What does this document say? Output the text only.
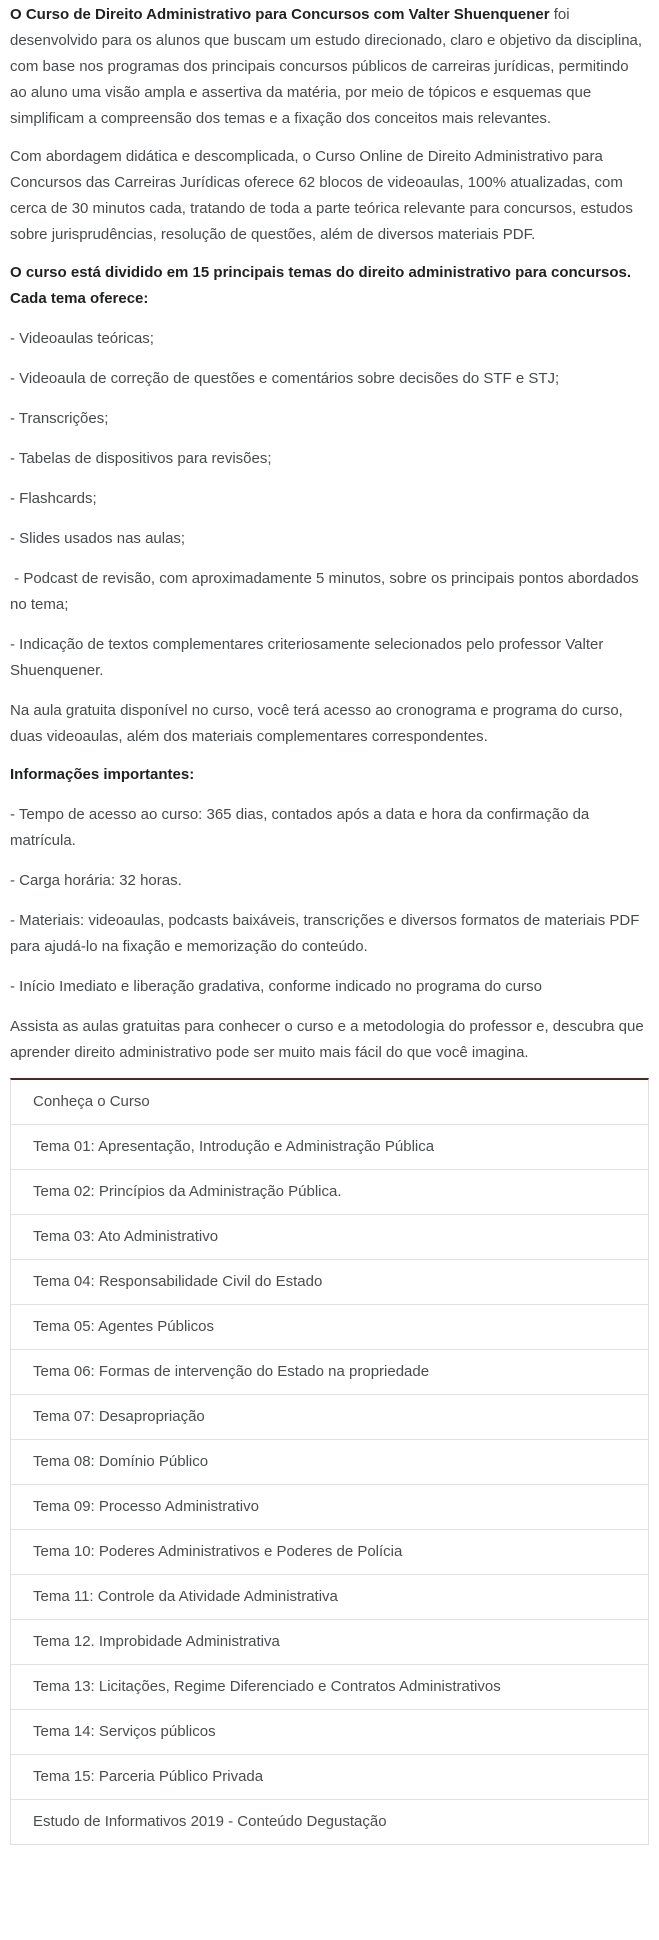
O Curso de Direito Administrativo para Concursos com Valter Shuenquener foi desenvolvido para os alunos que buscam um estudo direcionado, claro e objetivo da disciplina, com base nos programas dos principais concursos públicos de carreiras jurídicas, permitindo ao aluno uma visão ampla e assertiva da matéria, por meio de tópicos e esquemas que simplificam a compreensão dos temas e a fixação dos conceitos mais relevantes.

Com abordagem didática e descomplicada, o Curso Online de Direito Administrativo para Concursos das Carreiras Jurídicas oferece 62 blocos de videoaulas, 100% atualizadas, com cerca de 30 minutos cada, tratando de toda a parte teórica relevante para concursos, estudos sobre jurisprudências, resolução de questões, além de diversos materiais PDF.

O curso está dividido em 15 principais temas do direito administrativo para concursos. Cada tema oferece:

- Videoaulas teóricas;

- Videoaula de correção de questões e comentários sobre decisões do STF e STJ;

- Transcrições;

- Tabelas de dispositivos para revisões;

- Flashcards;

- Slides usados nas aulas;

- Podcast de revisão, com aproximadamente 5 minutos, sobre os principais pontos abordados no tema;

- Indicação de textos complementares criteriosamente selecionados pelo professor Valter Shuenquener.

Na aula gratuita disponível no curso, você terá acesso ao cronograma e programa do curso, duas videoaulas, além dos materiais complementares correspondentes.

Informações importantes:

- Tempo de acesso ao curso: 365 dias, contados após a data e hora da confirmação da matrícula.

- Carga horária: 32 horas.

- Materiais: videoaulas, podcasts baixáveis, transcrições e diversos formatos de materiais PDF para ajudá-lo na fixação e memorização do conteúdo.

- Início Imediato e liberação gradativa, conforme indicado no programa do curso

Assista as aulas gratuitas para conhecer o curso e a metodologia do professor e, descubra que aprender direito administrativo pode ser muito mais fácil do que você imagina.

Conheça o Curso
Tema 01: Apresentação, Introdução e Administração Pública
Tema 02: Princípios da Administração Pública.
Tema 03: Ato Administrativo
Tema 04: Responsabilidade Civil do Estado
Tema 05: Agentes Públicos
Tema 06: Formas de intervenção do Estado na propriedade
Tema 07: Desapropriação
Tema 08: Domínio Público
Tema 09: Processo Administrativo
Tema 10: Poderes Administrativos e Poderes de Polícia
Tema 11: Controle da Atividade Administrativa
Tema 12. Improbidade Administrativa
Tema 13: Licitações, Regime Diferenciado e Contratos Administrativos
Tema 14: Serviços públicos
Tema 15: Parceria Público Privada
Estudo de Informativos 2019 - Conteúdo Degustação
